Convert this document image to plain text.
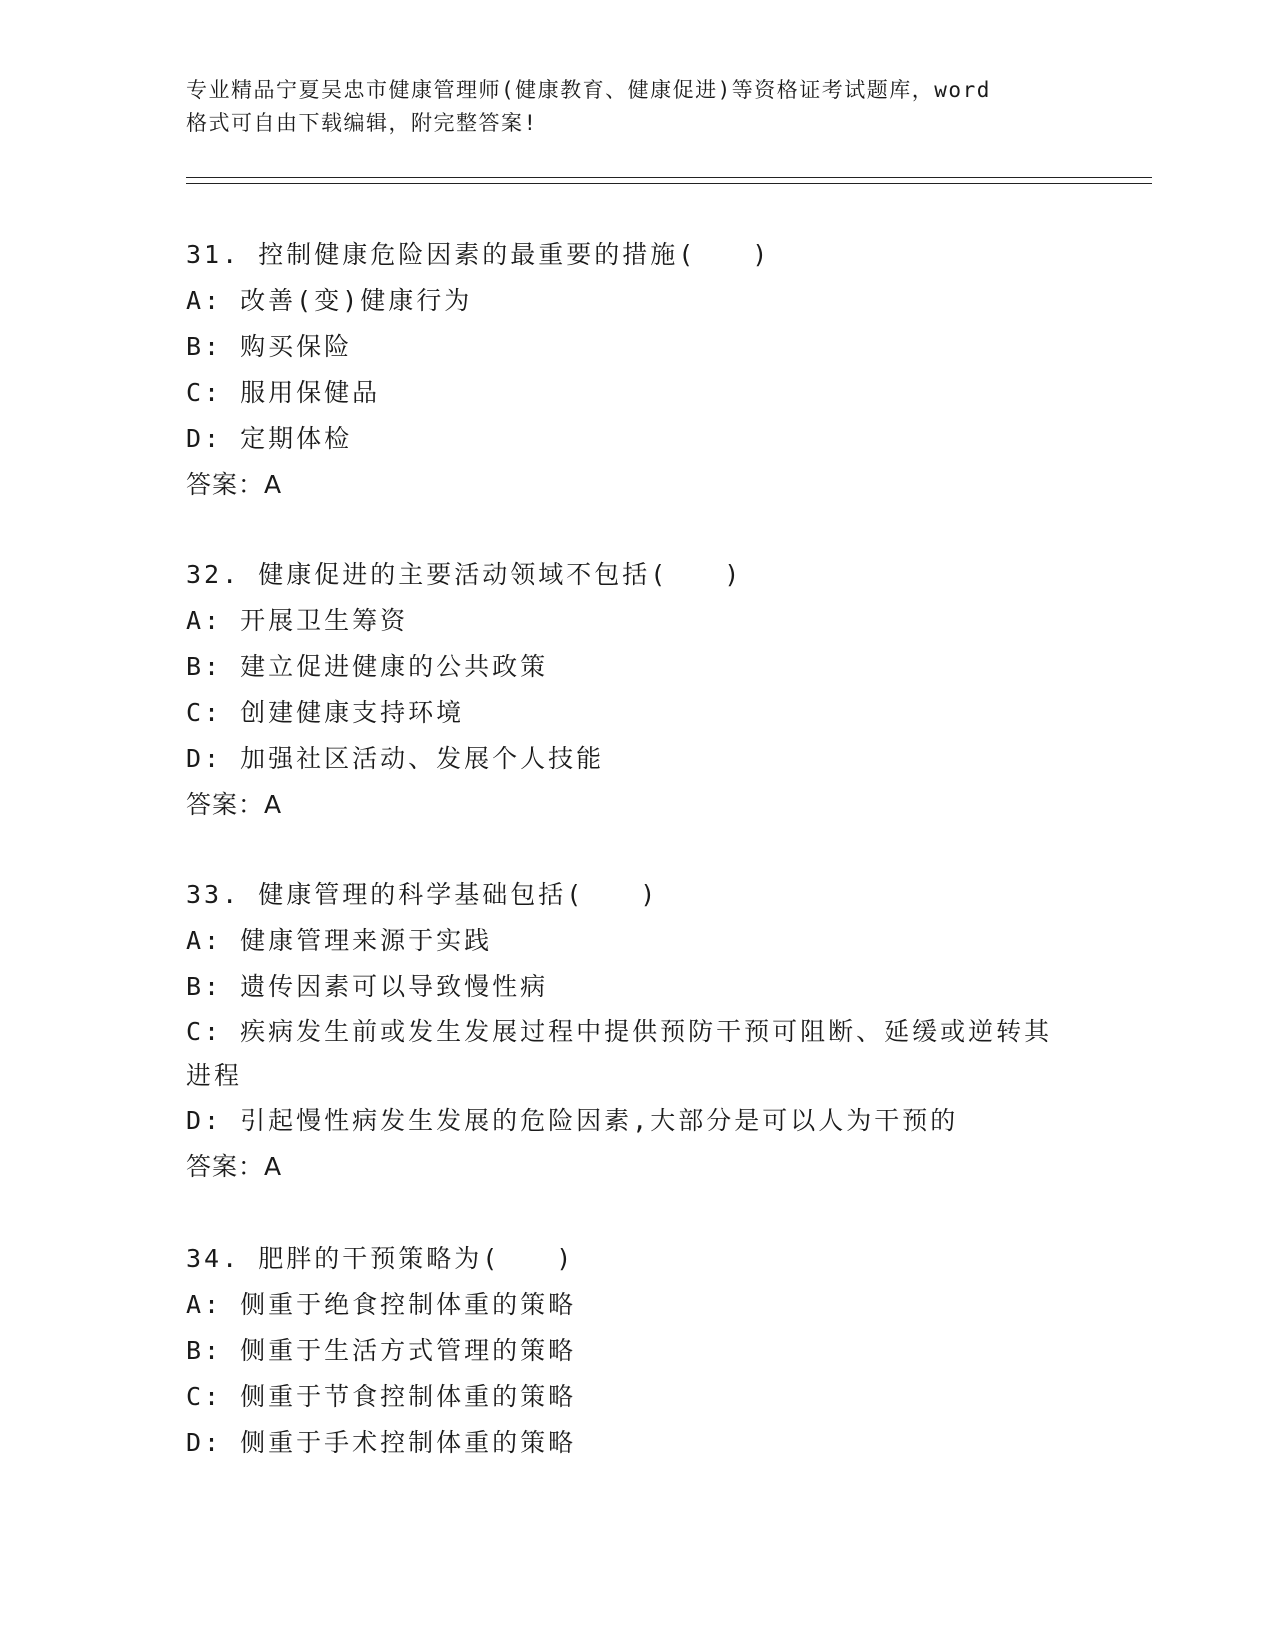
专业精品宁夏吴忠市健康管理师(健康教育、健康促进)等资格证考试题库，word
格式可自由下载编辑，附完整答案!
31. 控制健康危险因素的最重要的措施(　　)
A: 改善(变)健康行为
B: 购买保险
C: 服用保健品
D: 定期体检
答案：A
32. 健康促进的主要活动领域不包括(　　)
A: 开展卫生筹资
B: 建立促进健康的公共政策
C: 创建健康支持环境
D: 加强社区活动、发展个人技能
答案：A
33. 健康管理的科学基础包括(　　)
A: 健康管理来源于实践
B: 遗传因素可以导致慢性病
C: 疾病发生前或发生发展过程中提供预防干预可阻断、延缓或逆转其进程
D: 引起慢性病发生发展的危险因素,大部分是可以人为干预的
答案：A
34. 肥胖的干预策略为(　　)
A: 侧重于绝食控制体重的策略
B: 侧重于生活方式管理的策略
C: 侧重于节食控制体重的策略
D: 侧重于手术控制体重的策略
